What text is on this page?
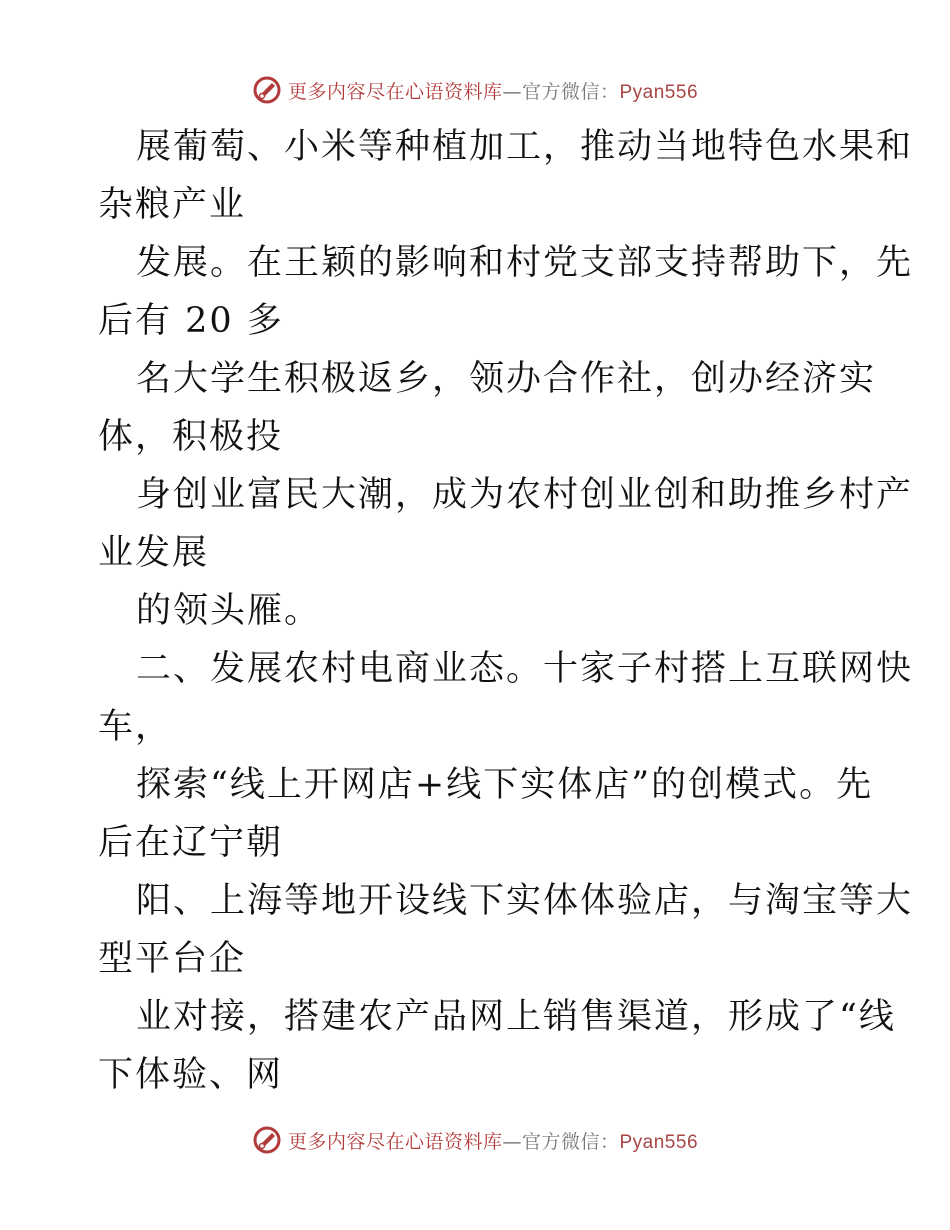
更多内容尽在心语资料库—官方微信：Pyan556
展葡萄、小米等种植加工，推动当地特色水果和
杂粮产业
发展。在王颖的影响和村党支部支持帮助下，先
后有 20 多
名大学生积极返乡，领办合作社，创办经济实
体，积极投
身创业富民大潮，成为农村创业创和助推乡村产
业发展
的领头雁。
二、发展农村电商业态。十家子村搭上互联网快
车，
探索“线上开网店+线下实体店”的创模式。先
后在辽宁朝
阳、上海等地开设线下实体体验店，与淘宝等大
型平台企
业对接，搭建农产品网上销售渠道，形成了“线
下体验、网
更多内容尽在心语资料库—官方微信：Pyan556
